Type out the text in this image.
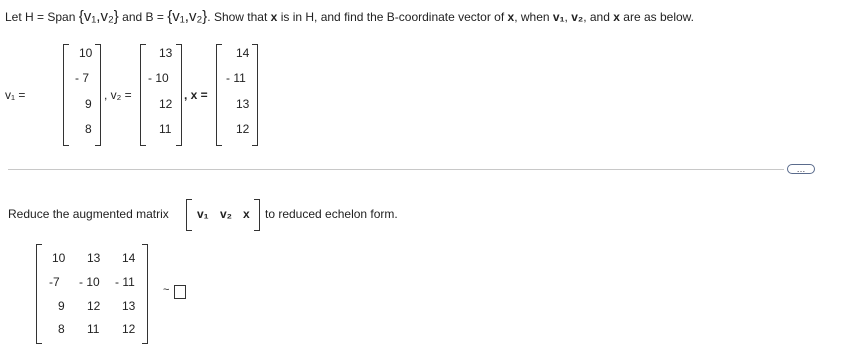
Let H = Span {v₁,v₂} and B = {v₁,v₂}. Show that x is in H, and find the B-coordinate vector of x, when v₁, v₂, and x are as below.
v₁ =
10
- 7
9
8
, v₂ =
13
- 10
12
11
, x =
14
- 11
13
12
…
Reduce the augmented matrix v₁ v₂ x to reduced echelon form.
10 13 14
-7 - 10 - 11
9 12 13
8 11 12
~
